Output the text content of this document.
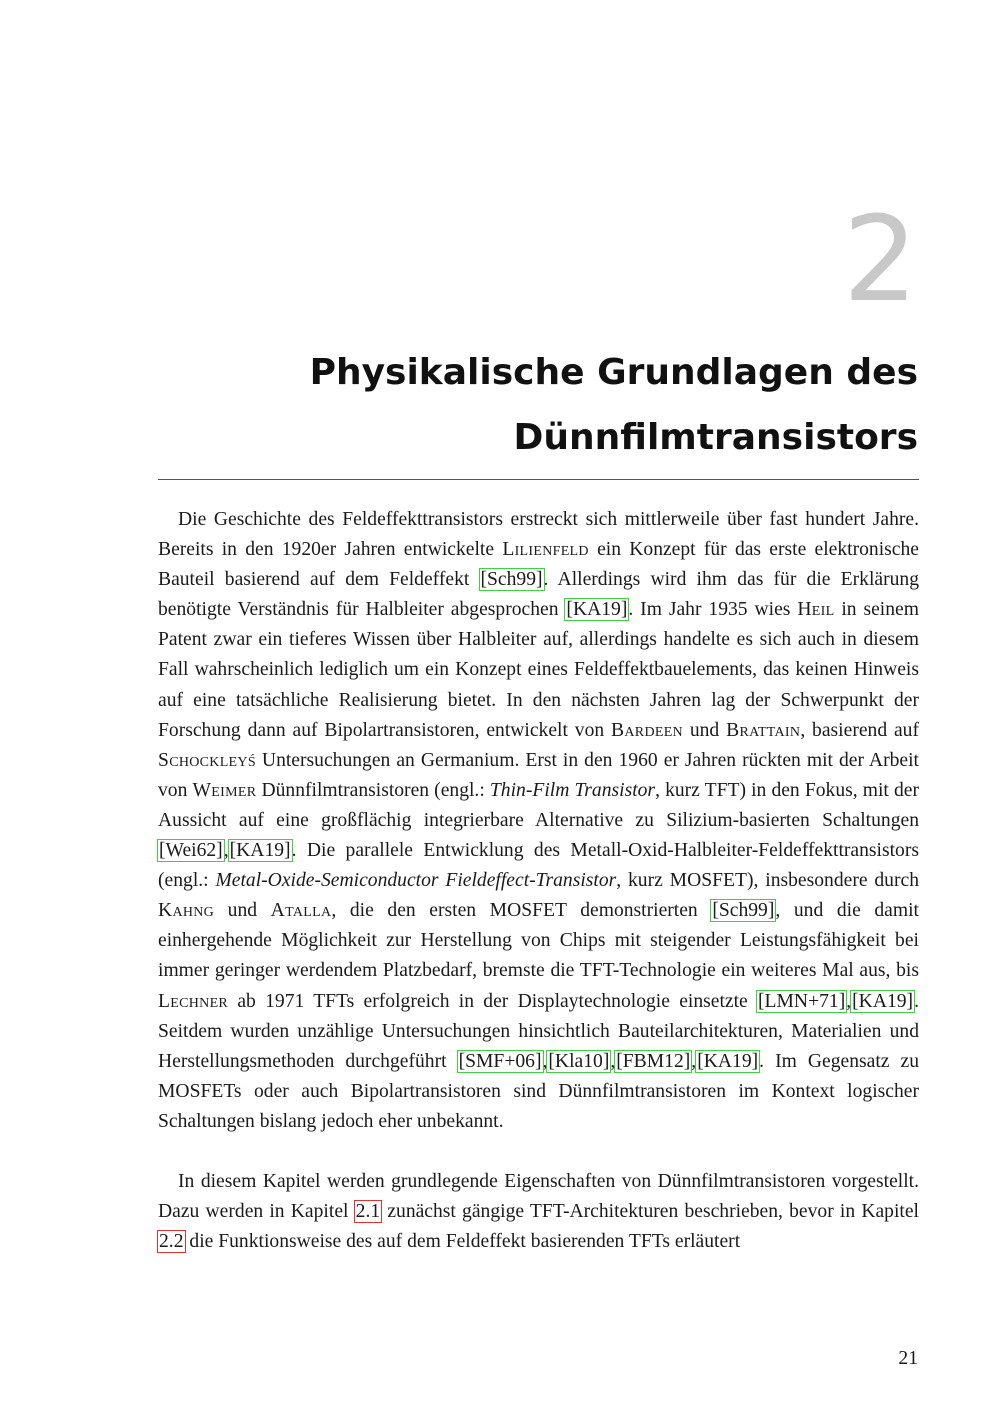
2
Physikalische Grundlagen des
Dünnfilmtransistors

Die Geschichte des Feldeffekttransistors erstreckt sich mittlerweile über fast hundert Jahre. Bereits in den 1920er Jahren entwickelte Lilienfeld ein Konzept für das erste elektronische Bauteil basierend auf dem Feldeffekt [Sch99]. Allerdings wird ihm das für die Erklärung benötigte Verständnis für Halbleiter abgesprochen [KA19]. Im Jahr 1935 wies Heil in seinem Patent zwar ein tieferes Wissen über Halbleiter auf, allerdings handelte es sich auch in diesem Fall wahrscheinlich lediglich um ein Konzept eines Feldeffektbauelements, das keinen Hinweis auf eine tatsächliche Realisierung bietet. In den nächsten Jahren lag der Schwerpunkt der Forschung dann auf Bipolartransistoren, entwickelt von Bardeen und Brattain, basierend auf Schockleyś Untersuchungen an Germanium. Erst in den 1960 er Jahren rückten mit der Arbeit von Weimer Dünnfilmtransistoren (engl.: Thin-Film Transistor, kurz TFT) in den Fokus, mit der Aussicht auf eine großflächig integrierbare Alternative zu Silizium-basierten Schaltungen [Wei62],[KA19]. Die parallele Entwicklung des Metall-Oxid-Halbleiter-Feldeffekttransistors (engl.: Metal-Oxide-Semiconductor Fieldeffect-Transistor, kurz MOSFET), insbesondere durch Kahng und Atalla, die den ersten MOSFET demonstrierten [Sch99], und die damit einhergehende Möglichkeit zur Herstellung von Chips mit steigender Leistungsfähigkeit bei immer geringer werdendem Platzbedarf, bremste die TFT-Technologie ein weiteres Mal aus, bis Lechner ab 1971 TFTs erfolgreich in der Displaytechnologie einsetzte [LMN+71],[KA19]. Seitdem wurden unzählige Untersuchungen hinsichtlich Bauteilarchitekturen, Materialien und Herstellungsmethoden durchgeführt [SMF+06],[Kla10],[FBM12],[KA19]. Im Gegensatz zu MOSFETs oder auch Bipolartransistoren sind Dünnfilmtransistoren im Kontext logischer Schaltungen bislang jedoch eher unbekannt.

In diesem Kapitel werden grundlegende Eigenschaften von Dünnfilmtransistoren vorgestellt. Dazu werden in Kapitel 2.1 zunächst gängige TFT-Architekturen beschrieben, bevor in Kapitel 2.2 die Funktionsweise des auf dem Feldeffekt basierenden TFTs erläutert

21
